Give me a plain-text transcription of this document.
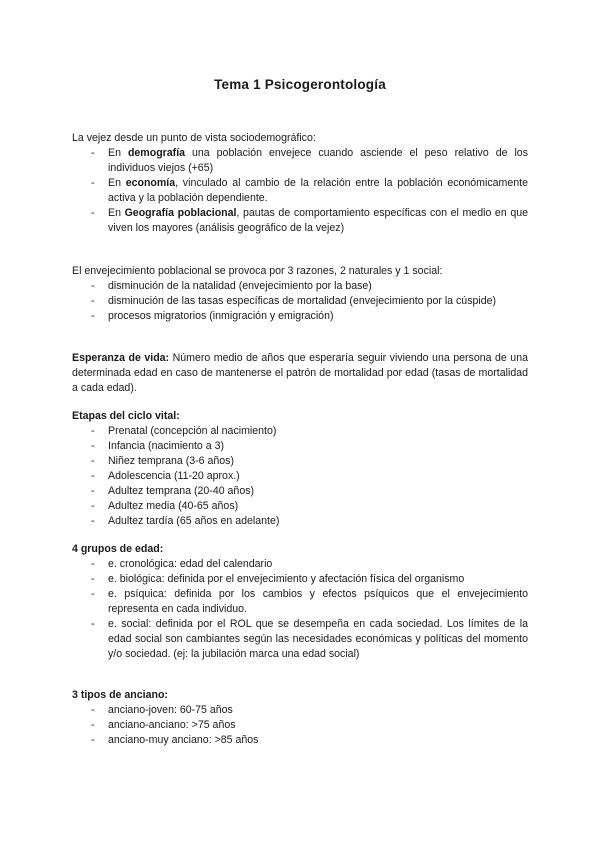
Tema 1 Psicogerontología

La vejez desde un punto de vista sociodemográfico:

- En demografía una población envejece cuando asciende el peso relativo de los individuos viejos (+65)
- En economía, vinculado al cambio de la relación entre la población económicamente activa y la población dependiente.
- En Geografía poblacional, pautas de comportamiento específicas con el medio en que viven los mayores (análisis geográfico de la vejez)

El envejecimiento poblacional se provoca por 3 razones, 2 naturales y 1 social:

- disminución de la natalidad (envejecimiento por la base)
- disminución de las tasas específicas de mortalidad (envejecimiento por la cúspide)
- procesos migratorios (inmigración y emigración)

Esperanza de vida: Número medio de años que esperaría seguir viviendo una persona de una determinada edad en caso de mantenerse el patrón de mortalidad por edad (tasas de mortalidad a cada edad).

Etapas del ciclo vital:

- Prenatal (concepción al nacimiento)
- Infancia (nacimiento a 3)
- Niñez temprana (3-6 años)
- Adolescencia (11-20 aprox.)
- Adultez temprana (20-40 años)
- Adultez media (40-65 años)
- Adultez tardía (65 años en adelante)

4 grupos de edad:

- e. cronológica: edad del calendario
- e. biológica: definida por el envejecimiento y afectación física del organismo
- e. psíquica: definida por los cambios y efectos psíquicos que el envejecimiento representa en cada individuo.
- e. social: definida por el ROL que se desempeña en cada sociedad. Los límites de la edad social son cambiantes según las necesidades económicas y políticas del momento y/o sociedad. (ej: la jubilación marca una edad social)

3 tipos de anciano:

- anciano-joven: 60-75 años
- anciano-anciano: >75 años
- anciano-muy anciano: >85 años
